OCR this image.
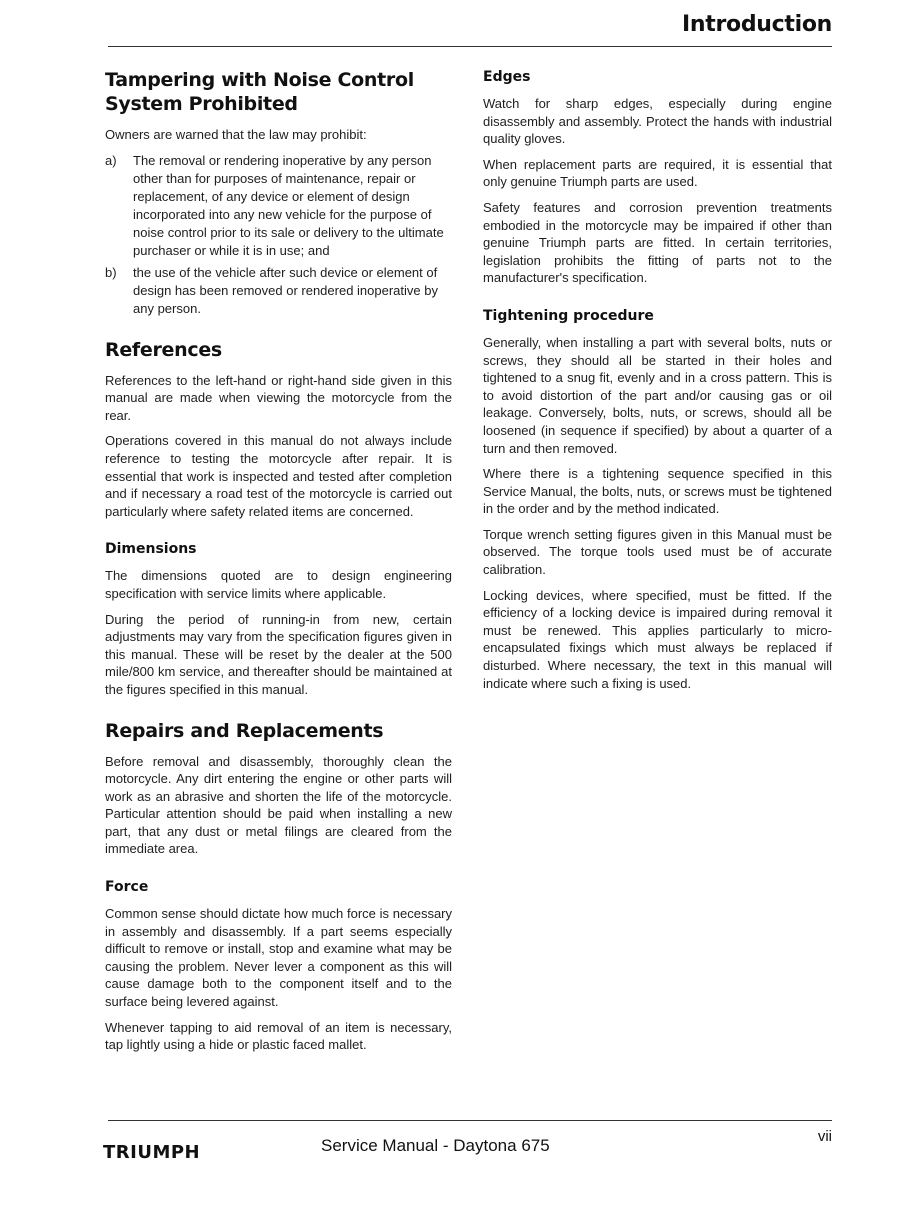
Introduction
Tampering with Noise Control
System Prohibited

Owners are warned that the law may prohibit:

a)	The removal or rendering inoperative by any person other than for purposes of maintenance, repair or replacement, of any device or element of design incorporated into any new vehicle for the purpose of noise control prior to its sale or delivery to the ultimate purchaser or while it is in use; and
b)	the use of the vehicle after such device or element of design has been removed or rendered inoperative by any person.
References

References to the left-hand or right-hand side given in this manual are made when viewing the motorcycle from the rear.

Operations covered in this manual do not always include reference to testing the motorcycle after repair. It is essential that work is inspected and tested after completion and if necessary a road test of the motorcycle is carried out particularly where safety related items are concerned.

Dimensions

The dimensions quoted are to design engineering specification with service limits where applicable.

During the period of running-in from new, certain adjustments may vary from the specification figures given in this manual. These will be reset by the dealer at the 500 mile/800 km service, and thereafter should be maintained at the figures specified in this manual.

Repairs and Replacements

Before removal and disassembly, thoroughly clean the motorcycle. Any dirt entering the engine or other parts will work as an abrasive and shorten the life of the motorcycle. Particular attention should be paid when installing a new part, that any dust or metal filings are cleared from the immediate area.

Force

Common sense should dictate how much force is necessary in assembly and disassembly. If a part seems especially difficult to remove or install, stop and examine what may be causing the problem. Never lever a component as this will cause damage both to the component itself and to the surface being levered against.

Whenever tapping to aid removal of an item is necessary, tap lightly using a hide or plastic faced mallet.

Edges

Watch for sharp edges, especially during engine disassembly and assembly. Protect the hands with industrial quality gloves.

When replacement parts are required, it is essential that only genuine Triumph parts are used.

Safety features and corrosion prevention treatments embodied in the motorcycle may be impaired if other than genuine Triumph parts are fitted. In certain territories, legislation prohibits the fitting of parts not to the manufacturer's specification.

Tightening procedure

Generally, when installing a part with several bolts, nuts or screws, they should all be started in their holes and tightened to a snug fit, evenly and in a cross pattern. This is to avoid distortion of the part and/or causing gas or oil leakage. Conversely, bolts, nuts, or screws, should all be loosened (in sequence if specified) by about a quarter of a turn and then removed.

Where there is a tightening sequence specified in this Service Manual, the bolts, nuts, or screws must be tightened in the order and by the method indicated.

Torque wrench setting figures given in this Manual must be observed. The torque tools used must be of accurate calibration.

Locking devices, where specified, must be fitted. If the efficiency of a locking device is impaired during removal it must be renewed. This applies particularly to micro-encapsulated fixings which must always be replaced if disturbed. Where necessary, the text in this manual will indicate where such a fixing is used.

TRIUMPH	Service Manual - Daytona 675	vii
